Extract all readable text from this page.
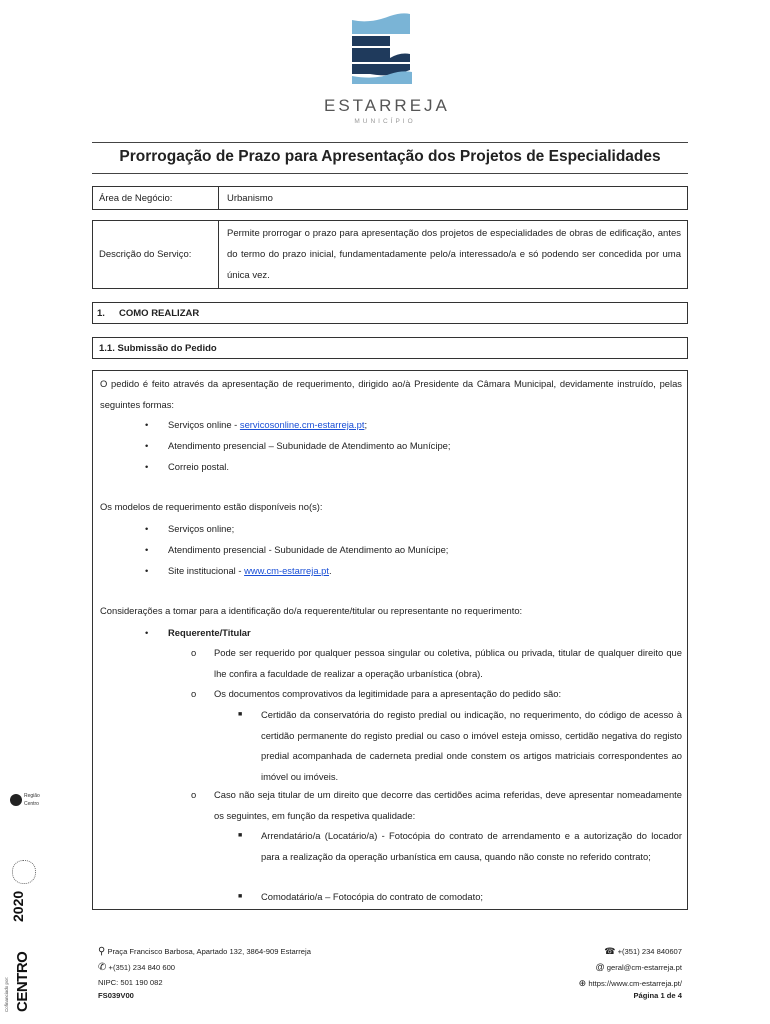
ESTARREJA
MUNICÍPIO
Prorrogação de Prazo para Apresentação dos Projetos de Especialidades
Área de Negócio:	Urbanismo
Descrição do Serviço:
Permite prorrogar o prazo para apresentação dos projetos de especialidades de obras de edificação, antes do termo do prazo inicial, fundamentadamente pelo/a interessado/a e só podendo ser concedida por uma única vez.
1. COMO REALIZAR
1.1. Submissão do Pedido

O pedido é feito através da apresentação de requerimento, dirigido ao/à Presidente da Câmara Municipal, devidamente instruído, pelas seguintes formas:

• Serviços online - servicosonline.cm-estarreja.pt;
• Atendimento presencial – Subunidade de Atendimento ao Munícipe;
• Correio postal.

Os modelos de requerimento estão disponíveis no(s):

• Serviços online;
• Atendimento presencial - Subunidade de Atendimento ao Munícipe;
• Site institucional - www.cm-estarreja.pt.

Considerações a tomar para a identificação do/a requerente/titular ou representante no requerimento:

• Requerente/Titular
o Pode ser requerido por qualquer pessoa singular ou coletiva, pública ou privada, titular de qualquer direito que lhe confira a faculdade de realizar a operação urbanística (obra).

o Os documentos comprovativos da legitimidade para a apresentação do pedido são:

■ Certidão da conservatória do registo predial ou indicação, no requerimento, do código de acesso à certidão permanente do registo predial ou caso o imóvel esteja omisso, certidão negativa do registo predial acompanhada de caderneta predial onde constem os artigos matriciais correspondentes ao imóvel ou imóveis.

o Caso não seja titular de um direito que decorre das certidões acima referidas, deve apresentar nomeadamente os seguintes, em função da respetiva qualidade:

■ Arrendatário/a (Locatário/a) - Fotocópia do contrato de arrendamento e a autorização do locador para a realização da operação urbanística em causa, quando não conste no referido contrato;

■ Comodatário/a – Fotocópia do contrato de comodato;

Região Centro
2020
CENTRO
Cofinanciado por:
⚲ Praça Francisco Barbosa, Apartado 132, 3864-909 Estarreja
✆ +(351) 234 840 600
NIPC: 501 190 082
FS039V00
☎ +(351) 234 840607
@ geral@cm-estarreja.pt
⊕ https://www.cm-estarreja.pt/
Página 1 de 4
